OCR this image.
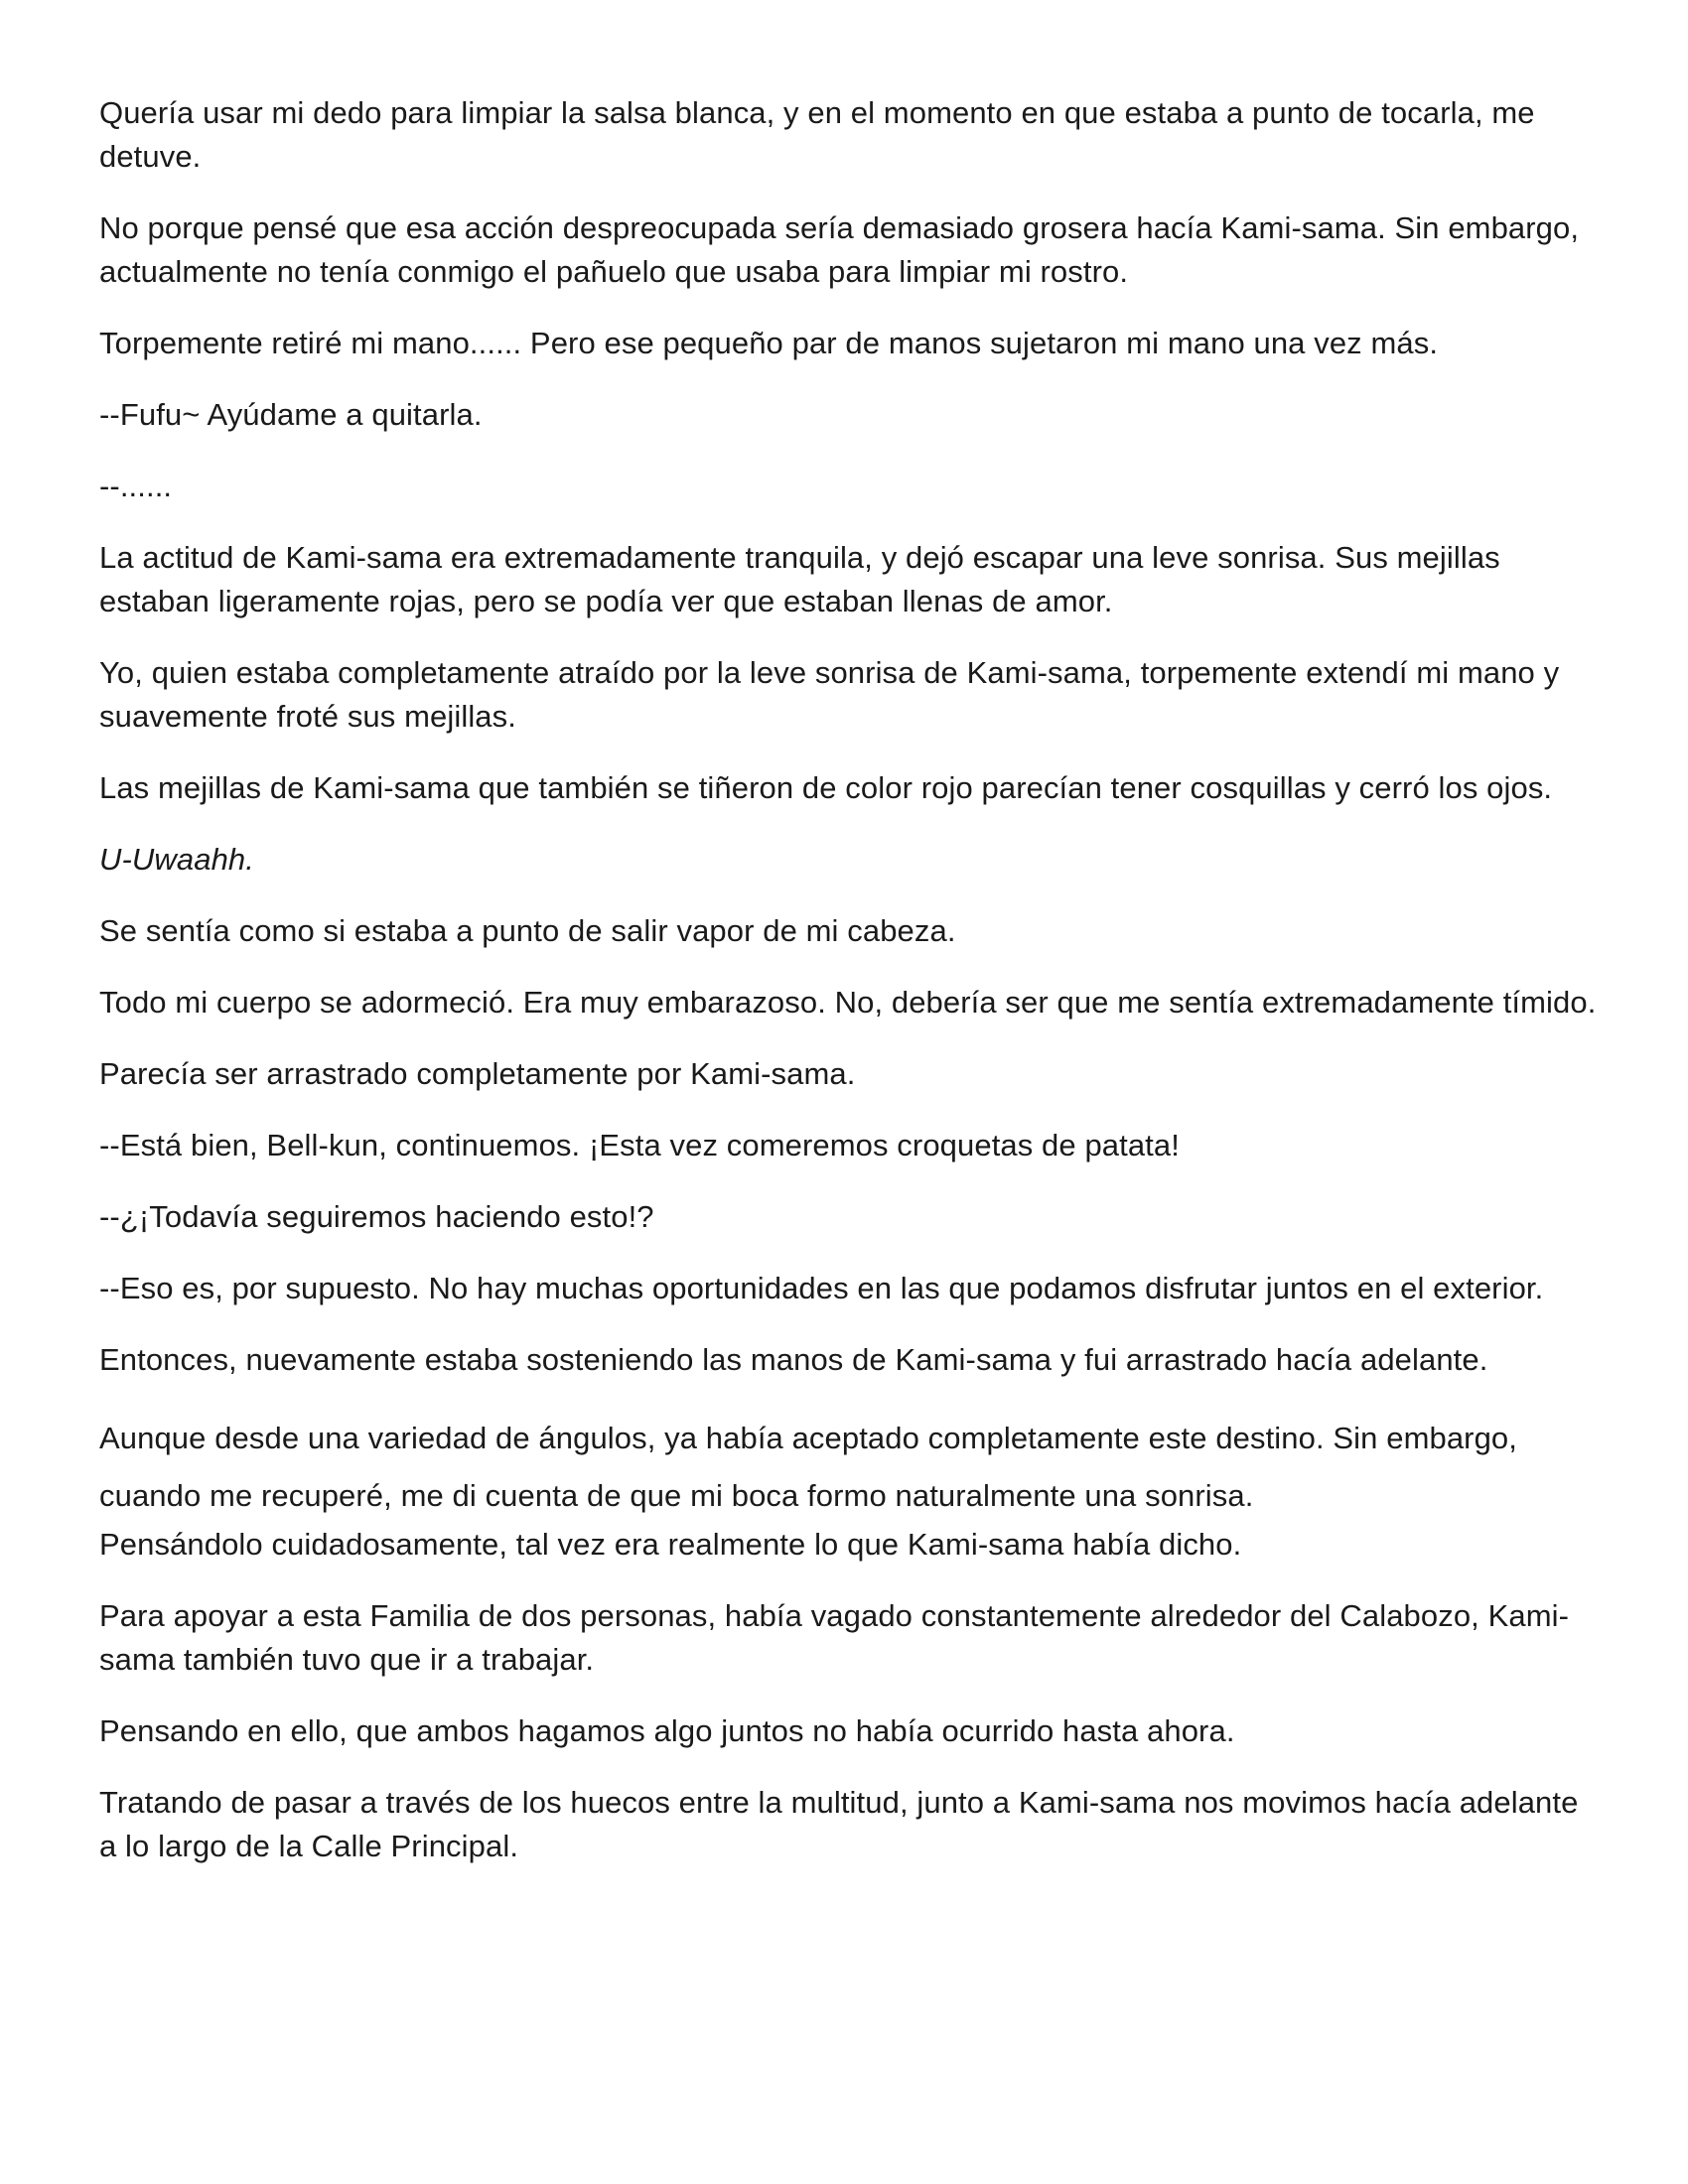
Quería usar mi dedo para limpiar la salsa blanca, y en el momento en que estaba a punto de tocarla, me detuve.

No porque pensé que esa acción despreocupada sería demasiado grosera hacía Kami-sama. Sin embargo, actualmente no tenía conmigo el pañuelo que usaba para limpiar mi rostro.

Torpemente retiré mi mano...... Pero ese pequeño par de manos sujetaron mi mano una vez más.

--Fufu~ Ayúdame a quitarla.

--......

La actitud de Kami-sama era extremadamente tranquila, y dejó escapar una leve sonrisa. Sus mejillas estaban ligeramente rojas, pero se podía ver que estaban llenas de amor.

Yo, quien estaba completamente atraído por la leve sonrisa de Kami-sama, torpemente extendí mi mano y suavemente froté sus mejillas.

Las mejillas de Kami-sama que también se tiñeron de color rojo parecían tener cosquillas y cerró los ojos.

U-Uwaahh.

Se sentía como si estaba a punto de salir vapor de mi cabeza.

Todo mi cuerpo se adormeció. Era muy embarazoso. No, debería ser que me sentía extremadamente tímido.

Parecía ser arrastrado completamente por Kami-sama.

--Está bien, Bell-kun, continuemos. ¡Esta vez comeremos croquetas de patata!

--¿¡Todavía seguiremos haciendo esto!?

--Eso es, por supuesto. No hay muchas oportunidades en las que podamos disfrutar juntos en el exterior.

Entonces, nuevamente estaba sosteniendo las manos de Kami-sama y fui arrastrado hacía adelante.

Aunque desde una variedad de ángulos, ya había aceptado completamente este destino. Sin embargo, cuando me recuperé, me di cuenta de que mi boca formo naturalmente una sonrisa.

Pensándolo cuidadosamente, tal vez era realmente lo que Kami-sama había dicho.

Para apoyar a esta Familia de dos personas, había vagado constantemente alrededor del Calabozo, Kami-sama también tuvo que ir a trabajar.

Pensando en ello, que ambos hagamos algo juntos no había ocurrido hasta ahora.

Tratando de pasar a través de los huecos entre la multitud, junto a Kami-sama nos movimos hacía adelante a lo largo de la Calle Principal.
